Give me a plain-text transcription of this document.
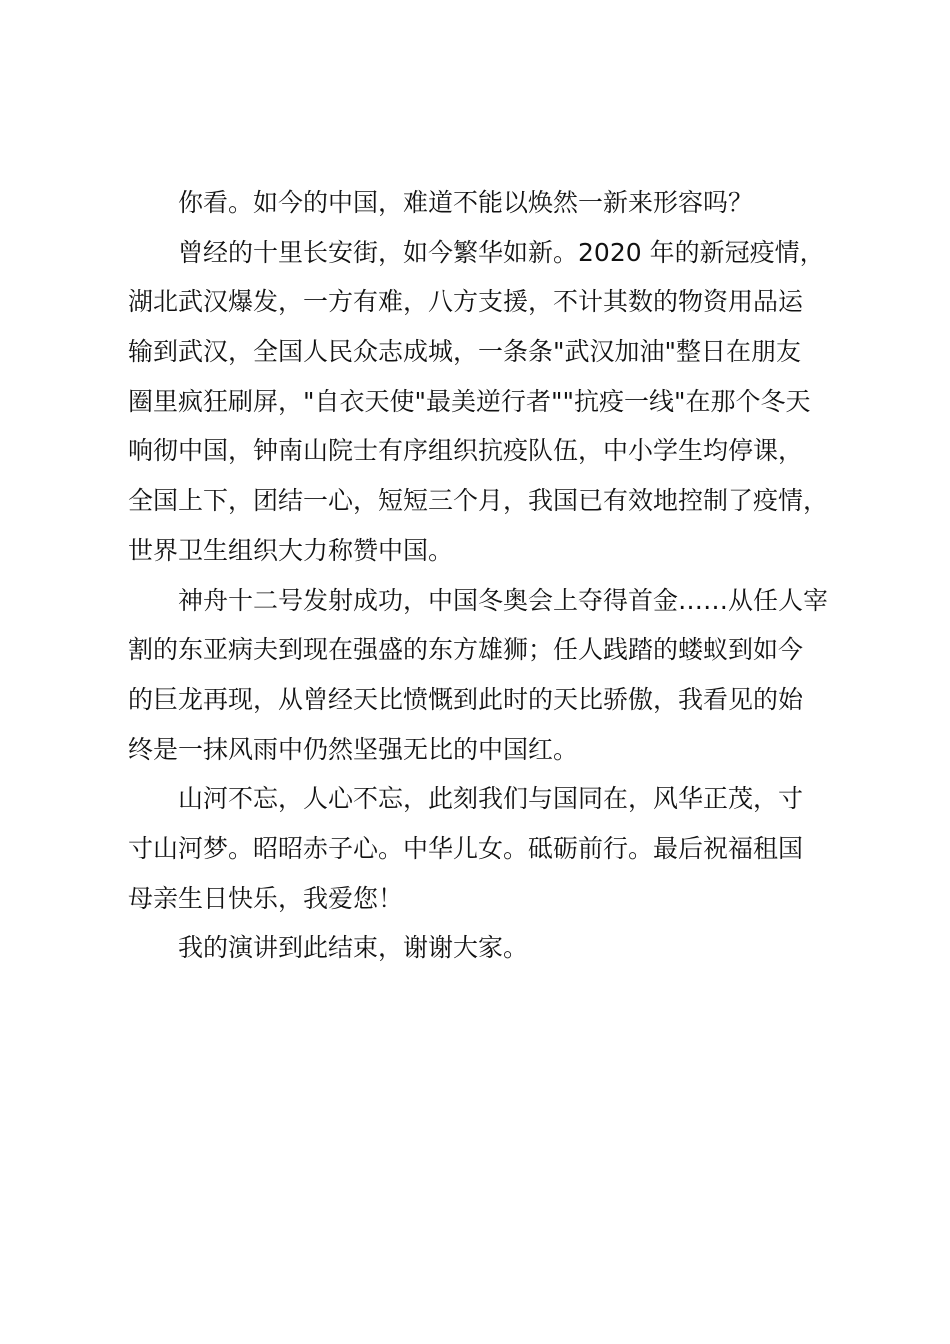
你看。如今的中国，难道不能以焕然一新来形容吗？

曾经的十里长安街，如今繁华如新。2020 年的新冠疫情，
湖北武汉爆发，一方有难，八方支援，不计其数的物资用品运
输到武汉，全国人民众志成城，一条条"武汉加油"整日在朋友
圈里疯狂刷屏，"自衣天使"最美逆行者""抗疫一线"在那个冬天
响彻中国，钟南山院士有序组织抗疫队伍，中小学生均停课，
全国上下，团结一心，短短三个月，我国已有效地控制了疫情，
世界卫生组织大力称赞中国。

神舟十二号发射成功，中国冬奥会上夺得首金……从任人宰
割的东亚病夫到现在强盛的东方雄狮；任人践踏的蝼蚁到如今
的巨龙再现，从曾经天比愤慨到此时的天比骄傲，我看见的始
终是一抹风雨中仍然坚强无比的中国红。

山河不忘，人心不忘，此刻我们与国同在，风华正茂，寸
寸山河梦。昭昭赤子心。中华儿女。砥砺前行。最后祝福租国
母亲生日快乐，我爱您！

我的演讲到此结束，谢谢大家。
